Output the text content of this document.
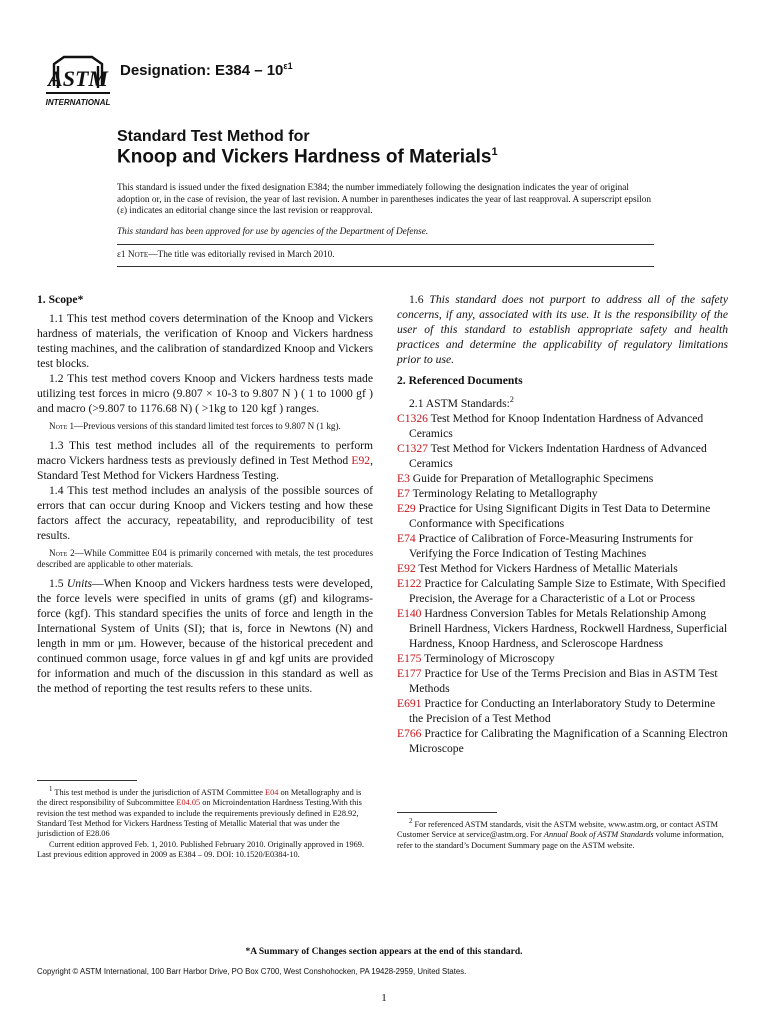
ASTM
INTERNATIONAL
Designation: $E384 - 10^{\varepsilon 1}$
Standard Test Method for
Knoop and Vickers Hardness of Materials$^1$
This standard is issued under the fixed designation E384; the number immediately following the designation indicates the year of original adoption or, in the case of revision, the year of last revision. A number in parentheses indicates the year of last reapproval. A superscript epsilon (ε) indicates an editorial change since the last revision or reapproval.
This standard has been approved for use by agencies of the Department of Defense.
ε1 Note—The title was editorially revised in March 2010.

1. Scope*

1.1 This test method covers determination of the Knoop and Vickers hardness of materials, the verification of Knoop and Vickers hardness testing machines, and the calibration of standardized Knoop and Vickers test blocks.

1.2 This test method covers Knoop and Vickers hardness tests made utilizing test forces in micro (9.807 × 10-3 to 9.807 N ) ( 1 to 1000 gf ) and macro (>9.807 to 1176.68 N) ( >1kg to 120 kgf ) ranges.

Note 1—Previous versions of this standard limited test forces to 9.807 N (1 kg).

1.3 This test method includes all of the requirements to perform macro Vickers hardness tests as previously defined in Test Method E92, Standard Test Method for Vickers Hardness Testing.

1.4 This test method includes an analysis of the possible sources of errors that can occur during Knoop and Vickers testing and how these factors affect the accuracy, repeatability, and reproducibility of test results.

Note 2—While Committee E04 is primarily concerned with metals, the test procedures described are applicable to other materials.

1.5 Units—When Knoop and Vickers hardness tests were developed, the force levels were specified in units of grams (gf) and kilograms-force (kgf). This standard specifies the units of force and length in the International System of Units (SI); that is, force in Newtons (N) and length in mm or µm. However, because of the historical precedent and continued common usage, force values in gf and kgf units are provided for information and much of the discussion in this standard as well as the method of reporting the test results refers to these units.

1.6 This standard does not purport to address all of the safety concerns, if any, associated with its use. It is the responsibility of the user of this standard to establish appropriate safety and health practices and determine the applicability of regulatory limitations prior to use.

2. Referenced Documents

2.1 ASTM Standards:$^2$

C1326 Test Method for Knoop Indentation Hardness of Advanced Ceramics

C1327 Test Method for Vickers Indentation Hardness of Advanced Ceramics

E3 Guide for Preparation of Metallographic Specimens

E7 Terminology Relating to Metallography

E29 Practice for Using Significant Digits in Test Data to Determine Conformance with Specifications

E74 Practice of Calibration of Force-Measuring Instruments for Verifying the Force Indication of Testing Machines

E92 Test Method for Vickers Hardness of Metallic Materials

E122 Practice for Calculating Sample Size to Estimate, With Specified Precision, the Average for a Characteristic of a Lot or Process

E140 Hardness Conversion Tables for Metals Relationship Among Brinell Hardness, Vickers Hardness, Rockwell Hardness, Superficial Hardness, Knoop Hardness, and Scleroscope Hardness

E175 Terminology of Microscopy

E177 Practice for Use of the Terms Precision and Bias in ASTM Test Methods

E691 Practice for Conducting an Interlaboratory Study to Determine the Precision of a Test Method

E766 Practice for Calibrating the Magnification of a Scanning Electron Microscope

$^1$ This test method is under the jurisdiction of ASTM Committee E04 on Metallography and is the direct responsibility of Subcommittee E04.05 on Microindentation Hardness Testing.With this revision the test method was expanded to include the requirements previously defined in E28.92, Standard Test Method for Vickers Hardness Testing of Metallic Material that was under the jurisdiction of E28.06

Current edition approved Feb. 1, 2010. Published February 2010. Originally approved in 1969. Last previous edition approved in 2009 as E384 – 09. DOI: 10.1520/E0384-10.

$^2$ For referenced ASTM standards, visit the ASTM website, www.astm.org, or contact ASTM Customer Service at service@astm.org. For Annual Book of ASTM Standards volume information, refer to the standard’s Document Summary page on the ASTM website.

*A Summary of Changes section appears at the end of this standard.
Copyright © ASTM International, 100 Barr Harbor Drive, PO Box C700, West Conshohocken, PA 19428-2959, United States.
1
